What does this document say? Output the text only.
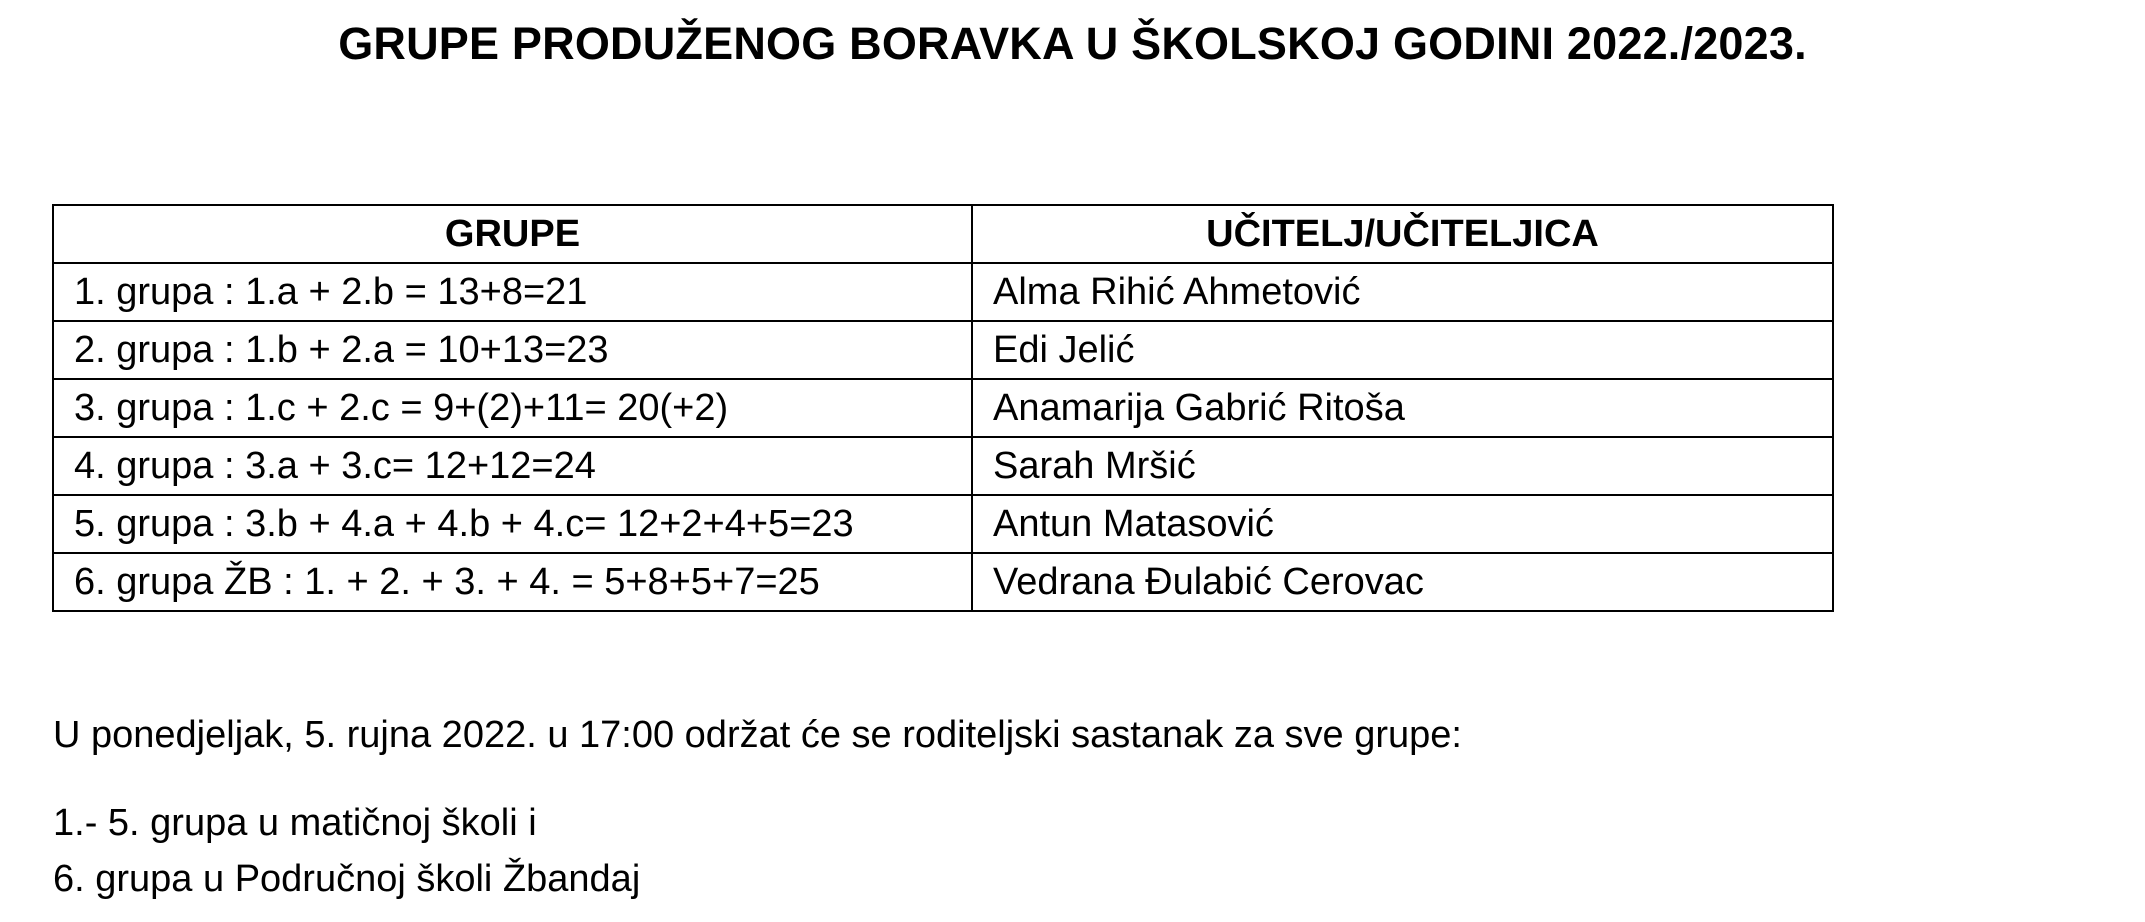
GRUPE PRODUŽENOG BORAVKA U ŠKOLSKOJ GODINI 2022./2023.
GRUPE	UČITELJ/UČITELJICA
1. grupa : 1.a + 2.b = 13+8=21	Alma Rihić Ahmetović
2. grupa : 1.b + 2.a = 10+13=23	Edi Jelić
3. grupa : 1.c + 2.c = 9+(2)+11= 20(+2)	Anamarija Gabrić Ritoša
4. grupa : 3.a + 3.c= 12+12=24	Sarah Mršić
5. grupa : 3.b + 4.a + 4.b + 4.c= 12+2+4+5=23	Antun Matasović
6. grupa ŽB : 1. + 2. + 3. + 4. = 5+8+5+7=25	Vedrana Đulabić Cerovac
U ponedjeljak, 5. rujna 2022. u 17:00 održat će se roditeljski sastanak za sve grupe:
1.- 5. grupa u matičnoj školi i
6. grupa u Područnoj školi Žbandaj
